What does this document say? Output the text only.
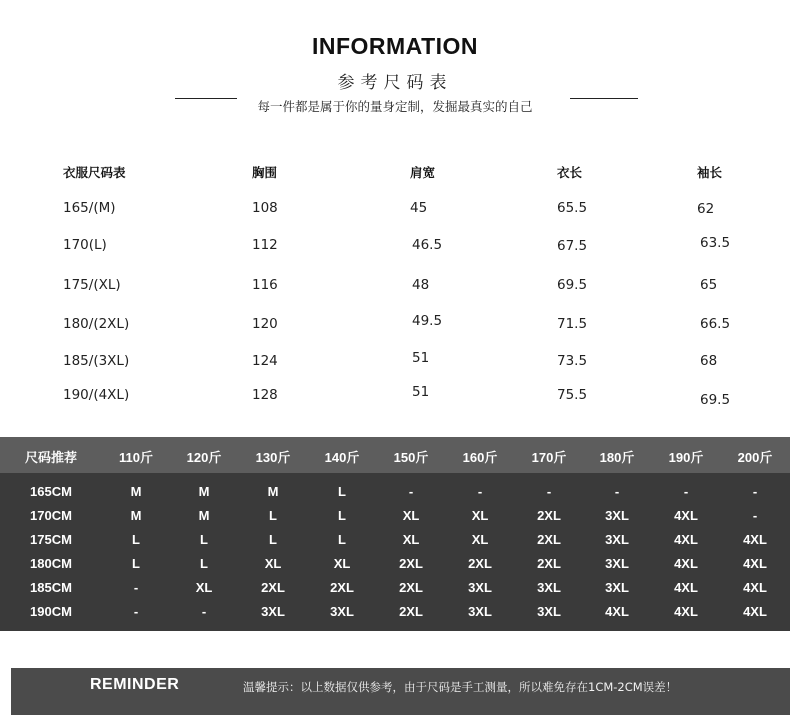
INFORMATION
参考尺码表
每一件都是属于你的量身定制，发掘最真实的自己
衣服尺码表	胸围	肩宽	衣长	袖长
165/(M)	108	45	65.5	62
170(L)	112	46.5	67.5	63.5
175/(XL)	116	48	69.5	65
180/(2XL)	120	49.5	71.5	66.5
185/(3XL)	124	51	73.5	68
190/(4XL)	128	51	75.5	69.5
尺码推荐	110斤	120斤	130斤	140斤	150斤	160斤	170斤	180斤	190斤	200斤
165CM	M	M	M	L	-	-	-	-	-	-
170CM	M	M	L	L	XL	XL	2XL	3XL	4XL	-
175CM	L	L	L	L	XL	XL	2XL	3XL	4XL	4XL
180CM	L	L	XL	XL	2XL	2XL	2XL	3XL	4XL	4XL
185CM	-	XL	2XL	2XL	2XL	3XL	3XL	3XL	4XL	4XL
190CM	-	-	3XL	3XL	2XL	3XL	3XL	4XL	4XL	4XL
REMINDER	温馨提示：以上数据仅供参考，由于尺码是手工测量，所以难免存在1CM-2CM误差！
